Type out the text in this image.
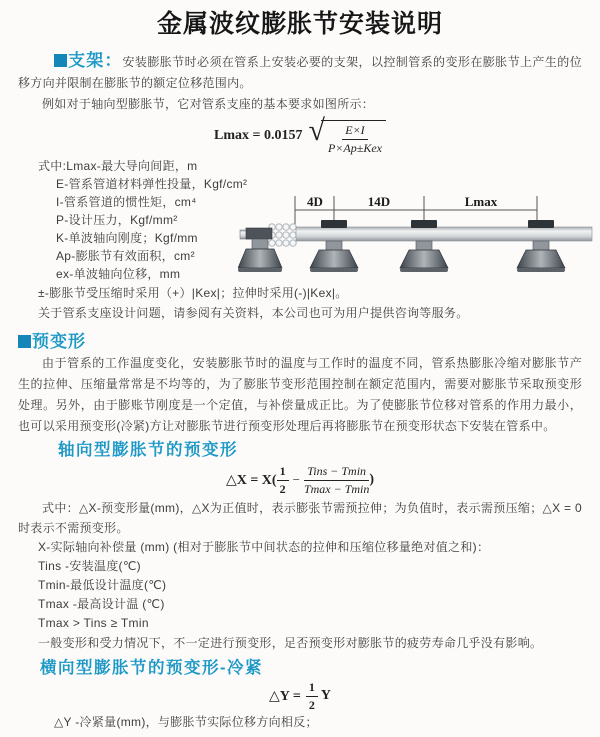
金属波纹膨胀节安装说明

支架：安装膨胀节时必须在管系上安装必要的支架，以控制管系的变形在膨胀节上产生的位移方向并限制在膨胀节的额定位移范围内。

例如对于轴向型膨胀节，它对管系支座的基本要求如图所示：

Lmax = 0.0157 √ $\frac{E\times I}{\text{P×Ap±Kex}}$
式中:Lmax-最大导向间距，m
E-管系管道材料弹性投量，Kgf/cm²
I-管系管道的惯性矩，cm⁴
P-设计压力，Kgf/mm²
K-单波轴向刚度；Kgf/mm
Ap-膨胀节有效面积，cm²
ex-单波轴向位移，mm
±-膨胀节受压缩时采用（+）|Kex|；拉伸时采用(-)|Kex|。
关于管系支座设计问题，请参阅有关资料，本公司也可为用户提供咨询等服务。
4D	14D	Lmax
预变形

由于管系的工作温度变化，安装膨胀节时的温度与工作时的温度不同，管系热膨胀冷缩对膨胀节产生的拉伸、压缩量常常是不均等的，为了膨胀节变形范围控制在额定范围内，需要对膨胀节采取预变形处理。另外，由于膨账节刚度是一个定值，与补偿量成正比。为了使膨胀节位移对管系的作用力最小，也可以采用预变形(冷紧)方让对膨胀节进行预变形处理后再将膨胀节在预变形状态下安装在管系中。

轴向型膨胀节的预变形
△X = $X( \frac{1}{2} - \frac{\text{Tins − Tmin}}{Tmax - Tmin}$ )

式中：△X-预变形量(mm)，△X为正值时，表示膨张节需预拉伸；为负值时，表示需预压缩；△X = 0时表示不需预变形。

X-实际轴向补偿量 (mm) (相对于膨胀节中间状态的拉伸和压缩位移量绝对值之和)：
Tins -安装温度(℃)
Tmin-最低设计温度(℃)
Tmax -最高设计温 (℃)
Tmax > Tins ≥ Tmin
一般变形和受力情况下，不一定进行预变形，足否预变形对膨胀节的疲劳寿命几乎没有影响。
横向型膨胀节的预变形-冷紧
△Y = $\frac{1}{2}$ Y
△Y -冷紧量(mm)，与膨胀节实际位移方向相反；
